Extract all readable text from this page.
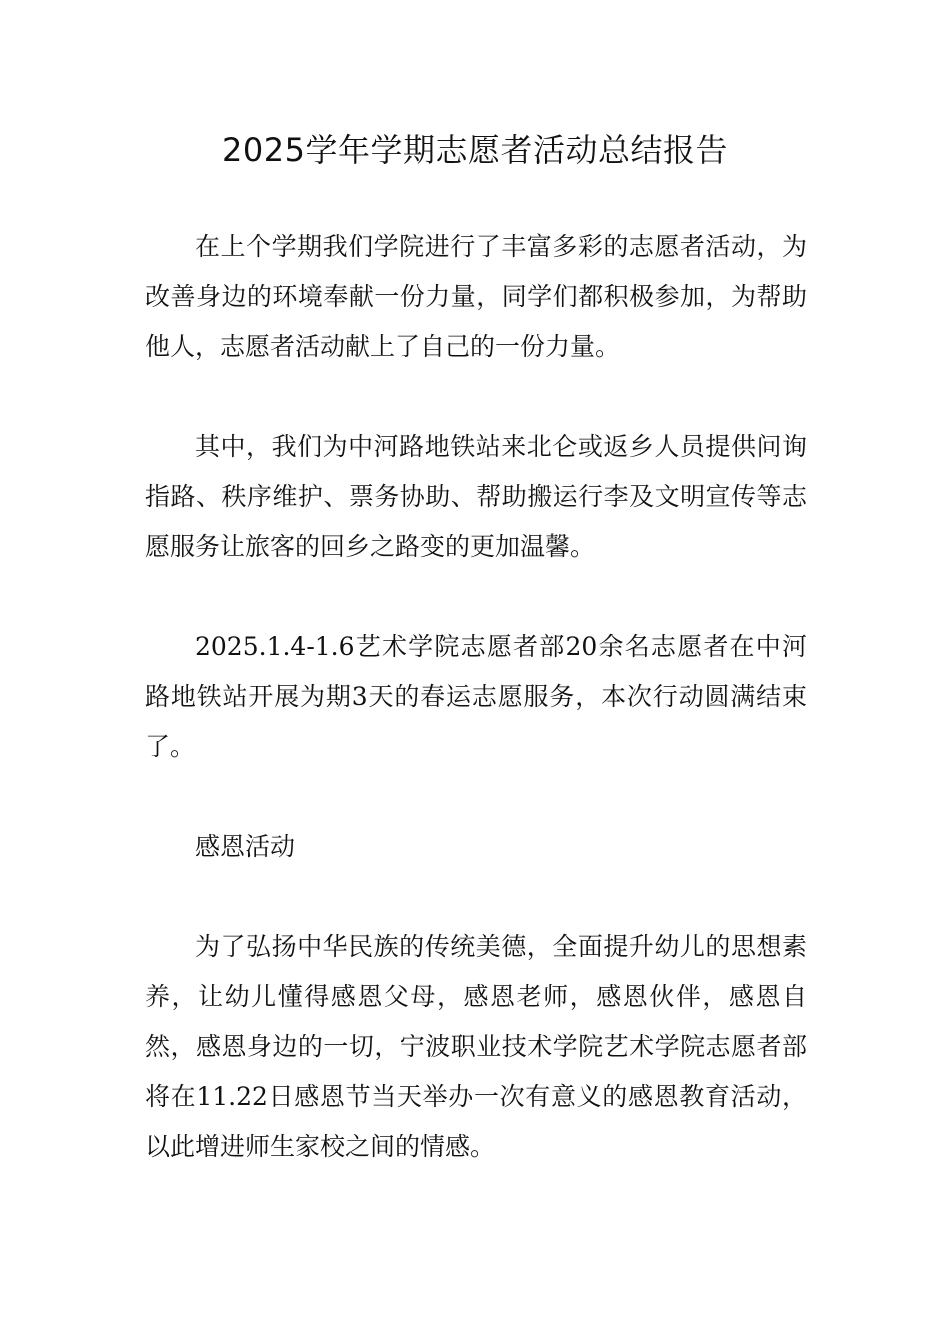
2025学年学期志愿者活动总结报告

在上个学期我们学院进行了丰富多彩的志愿者活动，为改善身边的环境奉献一份力量，同学们都积极参加，为帮助他人，志愿者活动献上了自己的一份力量。

其中，我们为中河路地铁站来北仑或返乡人员提供问询指路、秩序维护、票务协助、帮助搬运行李及文明宣传等志愿服务让旅客的回乡之路变的更加温馨。

2025.1.4-1.6艺术学院志愿者部20余名志愿者在中河路地铁站开展为期3天的春运志愿服务，本次行动圆满结束了。

感恩活动

为了弘扬中华民族的传统美德，全面提升幼儿的思想素养，让幼儿懂得感恩父母，感恩老师，感恩伙伴，感恩自然，感恩身边的一切，宁波职业技术学院艺术学院志愿者部将在11.22日感恩节当天举办一次有意义的感恩教育活动，以此增进师生家校之间的情感。
